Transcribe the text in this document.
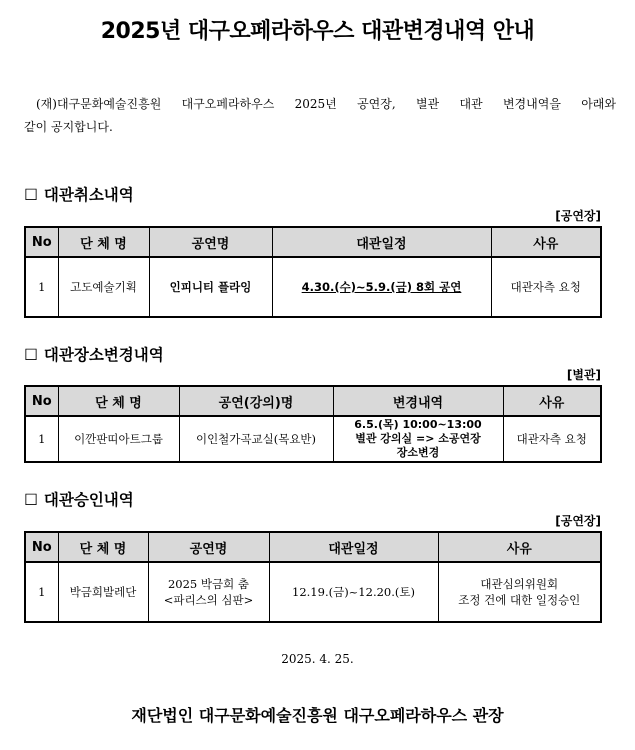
2025년 대구오페라하우스 대관변경내역 안내
(재)대구문화예술진흥원 대구오페라하우스 2025년 공연장, 별관 대관 변경내역을 아래와
같이 공지합니다.
☐ 대관취소내역
[공연장]
No	단 체 명	공연명	대관일정	사유
1	고도예술기획	인피니티 플라잉	4.30.(수)~5.9.(금) 8회 공연	대관자측 요청
☐ 대관장소변경내역
[별관]
No	단 체 명	공연(강의)명	변경내역	사유
1	이깐판띠아트그룹	이인철가곡교실(목요반)	6.5.(목) 10:00~13:00
별관 강의실 => 소공연장
장소변경	대관자측 요청
☐ 대관승인내역
[공연장]
No	단 체 명	공연명	대관일정	사유
1	박금희발레단	2025 박금희 춤
<파리스의 심판>	12.19.(금)~12.20.(토)	대관심의위원회
조정 건에 대한 일정승인
2025. 4. 25.
재단법인 대구문화예술진흥원 대구오페라하우스 관장
